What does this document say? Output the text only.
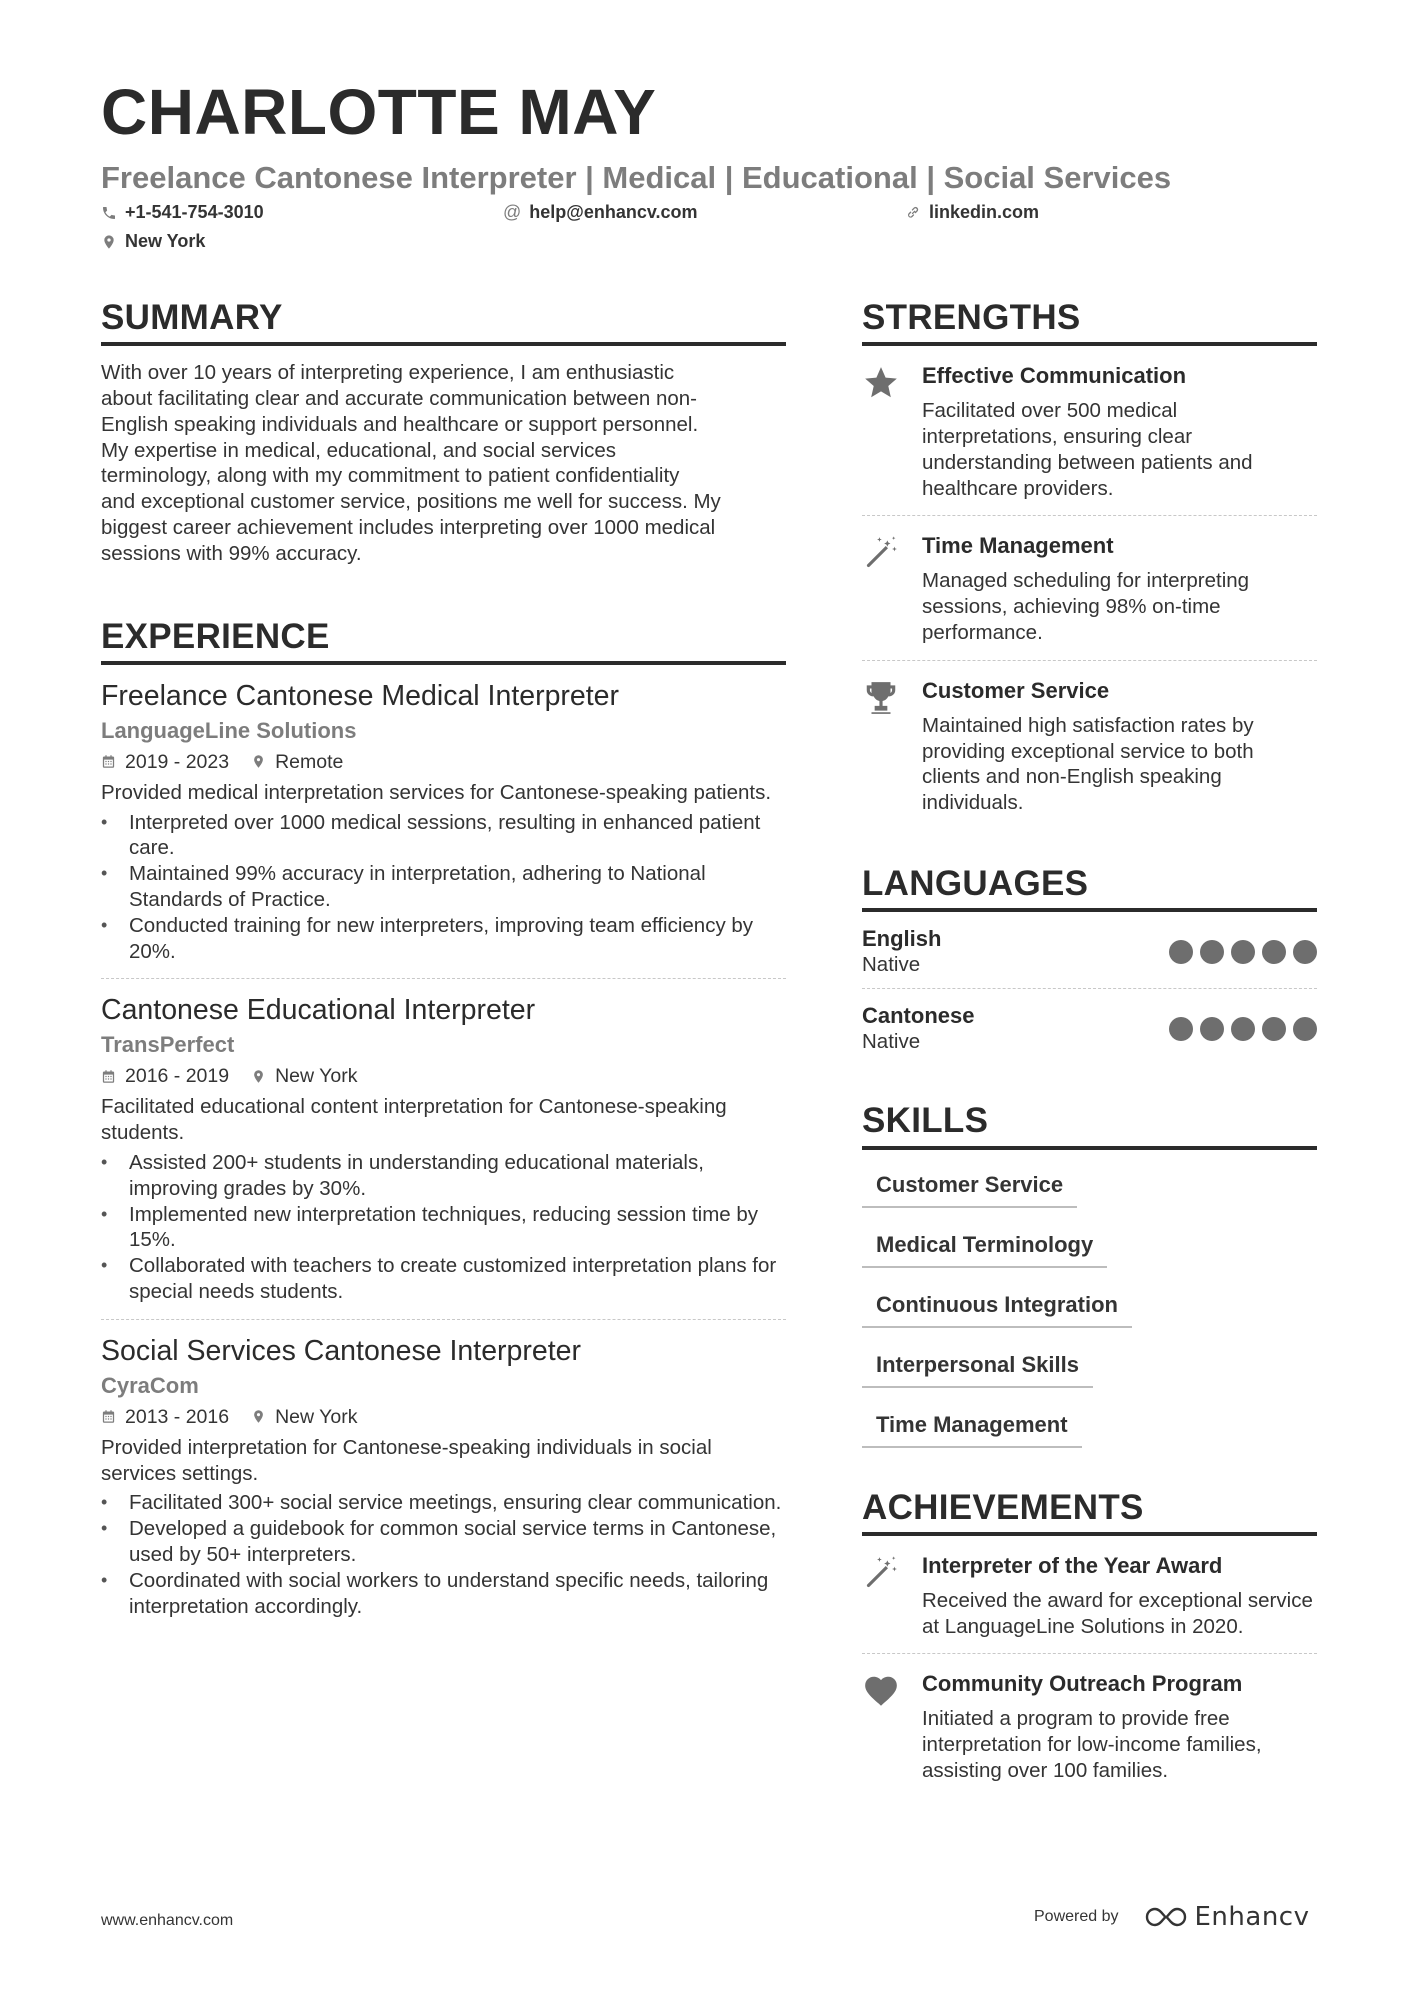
CHARLOTTE MAY
Freelance Cantonese Interpreter | Medical | Educational | Social Services
+1-541-754-3010	@ help@enhancv.com	linkedin.com
New York
SUMMARY
With over 10 years of interpreting experience, I am enthusiastic
about facilitating clear and accurate communication between non-
English speaking individuals and healthcare or support personnel.
My expertise in medical, educational, and social services
terminology, along with my commitment to patient confidentiality
and exceptional customer service, positions me well for success. My
biggest career achievement includes interpreting over 1000 medical
sessions with 99% accuracy.
EXPERIENCE
Freelance Cantonese Medical Interpreter
LanguageLine Solutions
2019 - 2023 Remote
Provided medical interpretation services for Cantonese-speaking patients.
• Interpreted over 1000 medical sessions, resulting in enhanced patient care.
• Maintained 99% accuracy in interpretation, adhering to National Standards of Practice.
• Conducted training for new interpreters, improving team efficiency by 20%.
Cantonese Educational Interpreter
TransPerfect
2016 - 2019 New York
Facilitated educational content interpretation for Cantonese-speaking students.
• Assisted 200+ students in understanding educational materials, improving grades by 30%.
• Implemented new interpretation techniques, reducing session time by 15%.
• Collaborated with teachers to create customized interpretation plans for special needs students.
Social Services Cantonese Interpreter
CyraCom
2013 - 2016 New York
Provided interpretation for Cantonese-speaking individuals in social services settings.
• Facilitated 300+ social service meetings, ensuring clear communication.
• Developed a guidebook for common social service terms in Cantonese, used by 50+ interpreters.
• Coordinated with social workers to understand specific needs, tailoring interpretation accordingly.
STRENGTHS
Effective Communication
Facilitated over 500 medical interpretations, ensuring clear understanding between patients and healthcare providers.
Time Management
Managed scheduling for interpreting sessions, achieving 98% on-time performance.
Customer Service
Maintained high satisfaction rates by providing exceptional service to both clients and non-English speaking individuals.
LANGUAGES
English
Native
Cantonese
Native
SKILLS
Customer Service
Medical Terminology
Continuous Integration
Interpersonal Skills
Time Management
ACHIEVEMENTS
Interpreter of the Year Award
Received the award for exceptional service at LanguageLine Solutions in 2020.
Community Outreach Program
Initiated a program to provide free interpretation for low-income families, assisting over 100 families.
www.enhancv.com	Powered by	Enhancv
